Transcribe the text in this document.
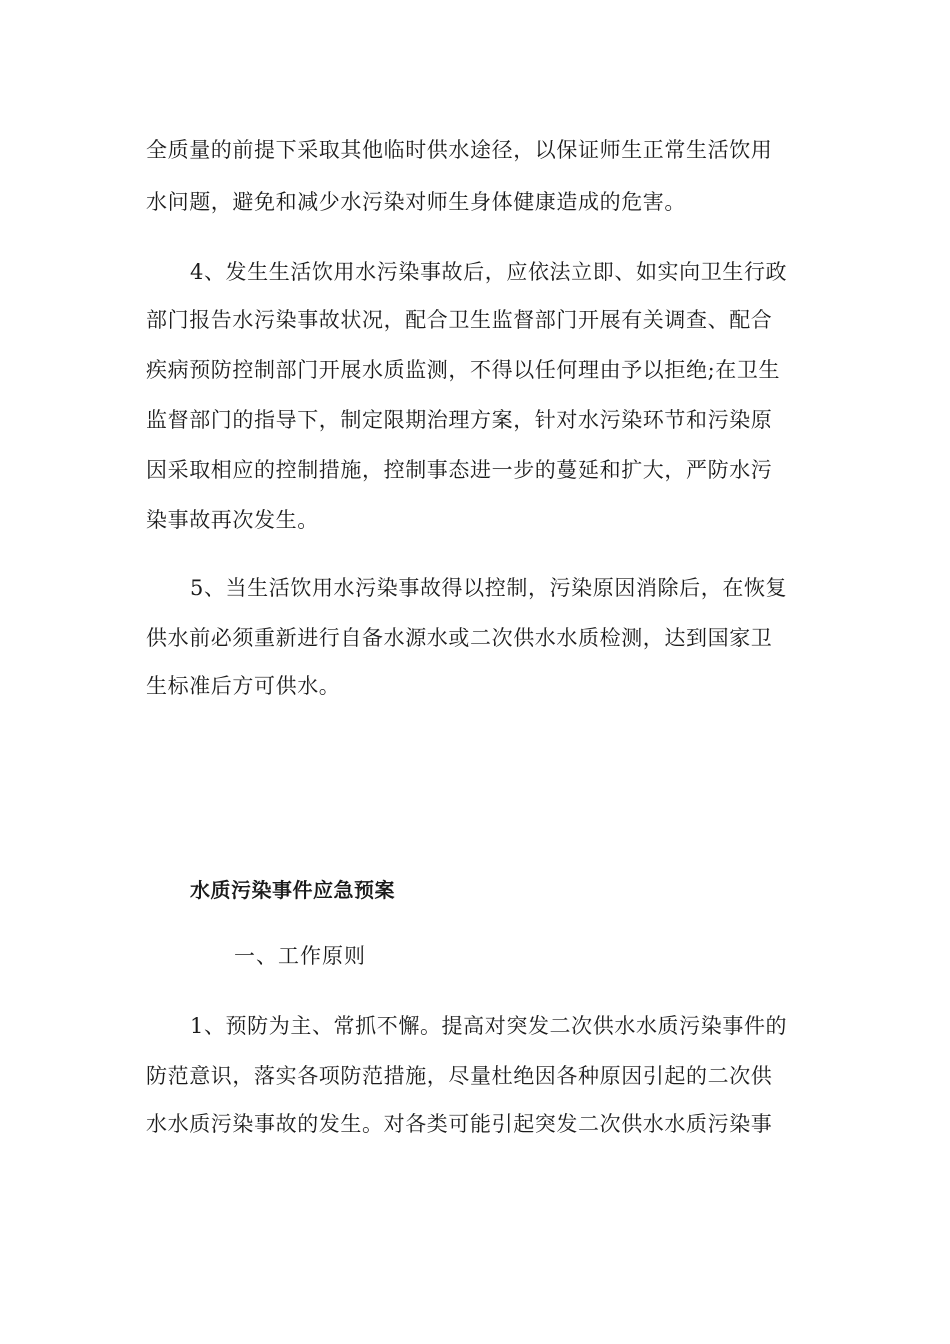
全质量的前提下采取其他临时供水途径，以保证师生正常生活饮用
水问题，避免和减少水污染对师生身体健康造成的危害。
4、发生生活饮用水污染事故后，应依法立即、如实向卫生行政
部门报告水污染事故状况，配合卫生监督部门开展有关调查、配合
疾病预防控制部门开展水质监测，不得以任何理由予以拒绝;在卫生
监督部门的指导下，制定限期治理方案，针对水污染环节和污染原
因采取相应的控制措施，控制事态进一步的蔓延和扩大，严防水污
染事故再次发生。
5、当生活饮用水污染事故得以控制，污染原因消除后，在恢复
供水前必须重新进行自备水源水或二次供水水质检测，达到国家卫
生标准后方可供水。
水质污染事件应急预案
一、工作原则
1、预防为主、常抓不懈。提高对突发二次供水水质污染事件的
防范意识，落实各项防范措施，尽量杜绝因各种原因引起的二次供
水水质污染事故的发生。对各类可能引起突发二次供水水质污染事
